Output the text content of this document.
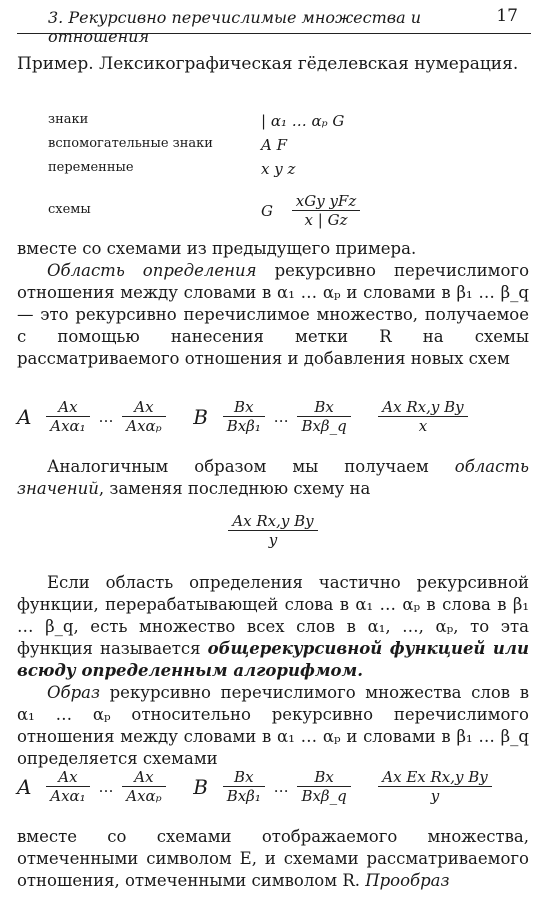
3. Рекурсивно перечислимые множества и отношения
17
Пример. Лексикографическая гёделевская нумерация.
знаки	| α₁ … αₚ G
вспомогательные знаки	A F
переменные	x y z
схемы	G $\frac{\text{xGy yFz}}{x | Gz}$
вместе со схемами из предыдущего примера.
Область определения рекурсивно перечислимого отношения между словами в α₁ … αₚ и словами в β₁ … β_q — это рекурсивно перечислимое множество, получаемое с помощью нанесения метки R на схемы рассматриваемого отношения и добавления новых схем
A $\frac{Ax}{\text{Axα₁}}$ … $\frac{Ax}{\text{Axαₚ}}$ B $\frac{Bx}{\text{Bxβ₁}}$ … $\frac{Bx}{\text{Bxβ\_q}}$
$\frac{\text{Ax Rx,y By}}{x}$
Аналогичным образом мы получаем область значений, заменяя последнюю схему на
$\frac{\text{Ax Rx,y By}}{y}$
Если область определения частично рекурсивной функции, перерабатывающей слова в α₁ … αₚ в слова в β₁ … β_q, есть множество всех слов в α₁, …, αₚ, то эта функция называется общерекурсивной функцией или всюду определенным алгорифмом.
Образ рекурсивно перечислимого множества слов в α₁ … αₚ относительно рекурсивно перечислимого отношения между словами в α₁ … αₚ и словами в β₁ … β_q определяется схемами
A $\frac{Ax}{\text{Axα₁}}$ … $\frac{Ax}{\text{Axαₚ}}$ B $\frac{Bx}{\text{Bxβ₁}}$ … $\frac{Bx}{\text{Bxβ\_q}}$
$\frac{\text{Ax Ex Rx,y By}}{y}$
вместе со схемами отображаемого множества, отмеченными символом E, и схемами рассматриваемого отношения, отмеченными символом R. Прообраз
